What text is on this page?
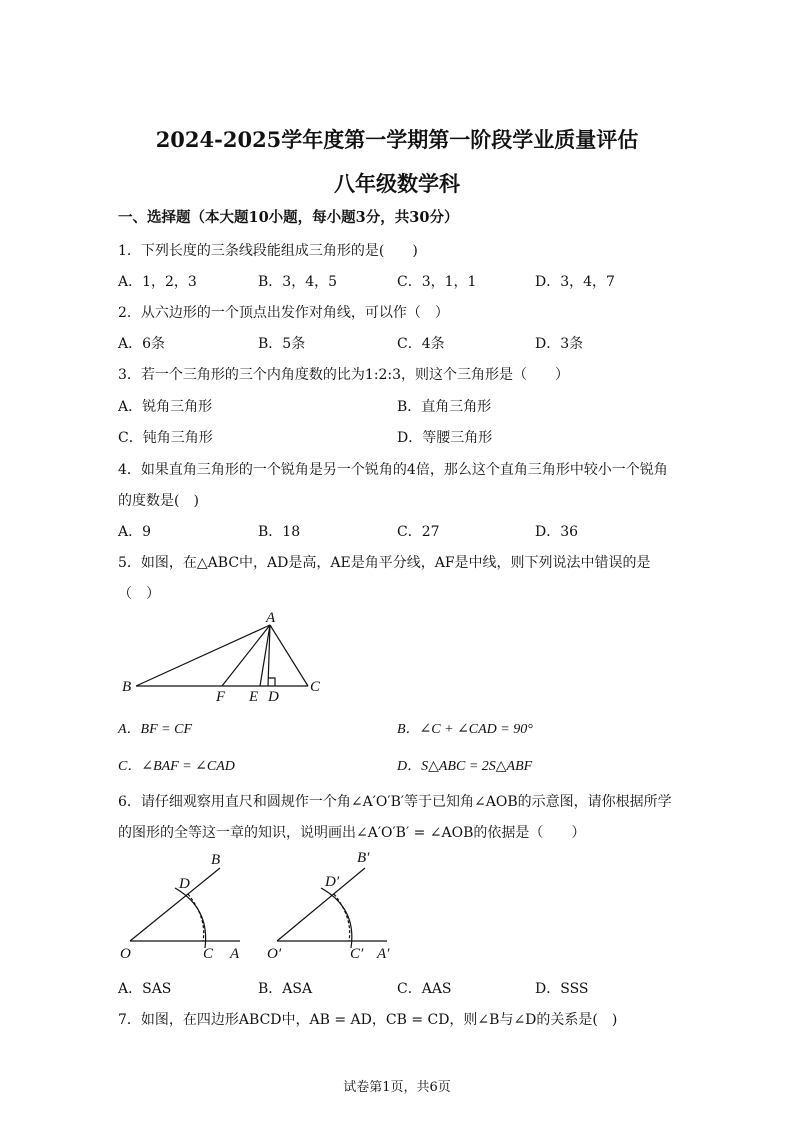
2024-2025学年度第一学期第一阶段学业质量评估
八年级数学科
一、选择题（本大题10小题，每小题3分，共30分）
1．下列长度的三条线段能组成三角形的是(　　)
A．1，2，3	B．3，4，5	C．3，1，1	D．3，4，7
2．从六边形的一个顶点出发作对角线，可以作（　）
A．6条	B．5条	C．4条	D．3条
3．若一个三角形的三个内角度数的比为1:2:3，则这个三角形是（　　）
A．锐角三角形	B．直角三角形
C．钝角三角形	D．等腰三角形
4．如果直角三角形的一个锐角是另一个锐角的4倍，那么这个直角三角形中较小一个锐角
的度数是(　)
A．9	B．18	C．27	D．36
5．如图，在△ABC中，AD是高，AE是角平分线，AF是中线，则下列说法中错误的是
（　）
A
B	C
F E D
A．BF = CF	B．∠C + ∠CAD = 90°
C．∠BAF = ∠CAD	D．S△ABC = 2S△ABF
6．请仔细观察用直尺和圆规作一个角∠A′O′B′等于已知角∠AOB的示意图，请你根据所学
的图形的全等这一章的知识，说明画出∠A′O′B′ = ∠AOB的依据是（　　）
O	C A
B
D
O′	C′ A′
B′
D′
A．SAS	B．ASA	C．AAS	D．SSS
7．如图，在四边形ABCD中，AB = AD，CB = CD，则∠B与∠D的关系是(　)
试卷第1页，共6页
